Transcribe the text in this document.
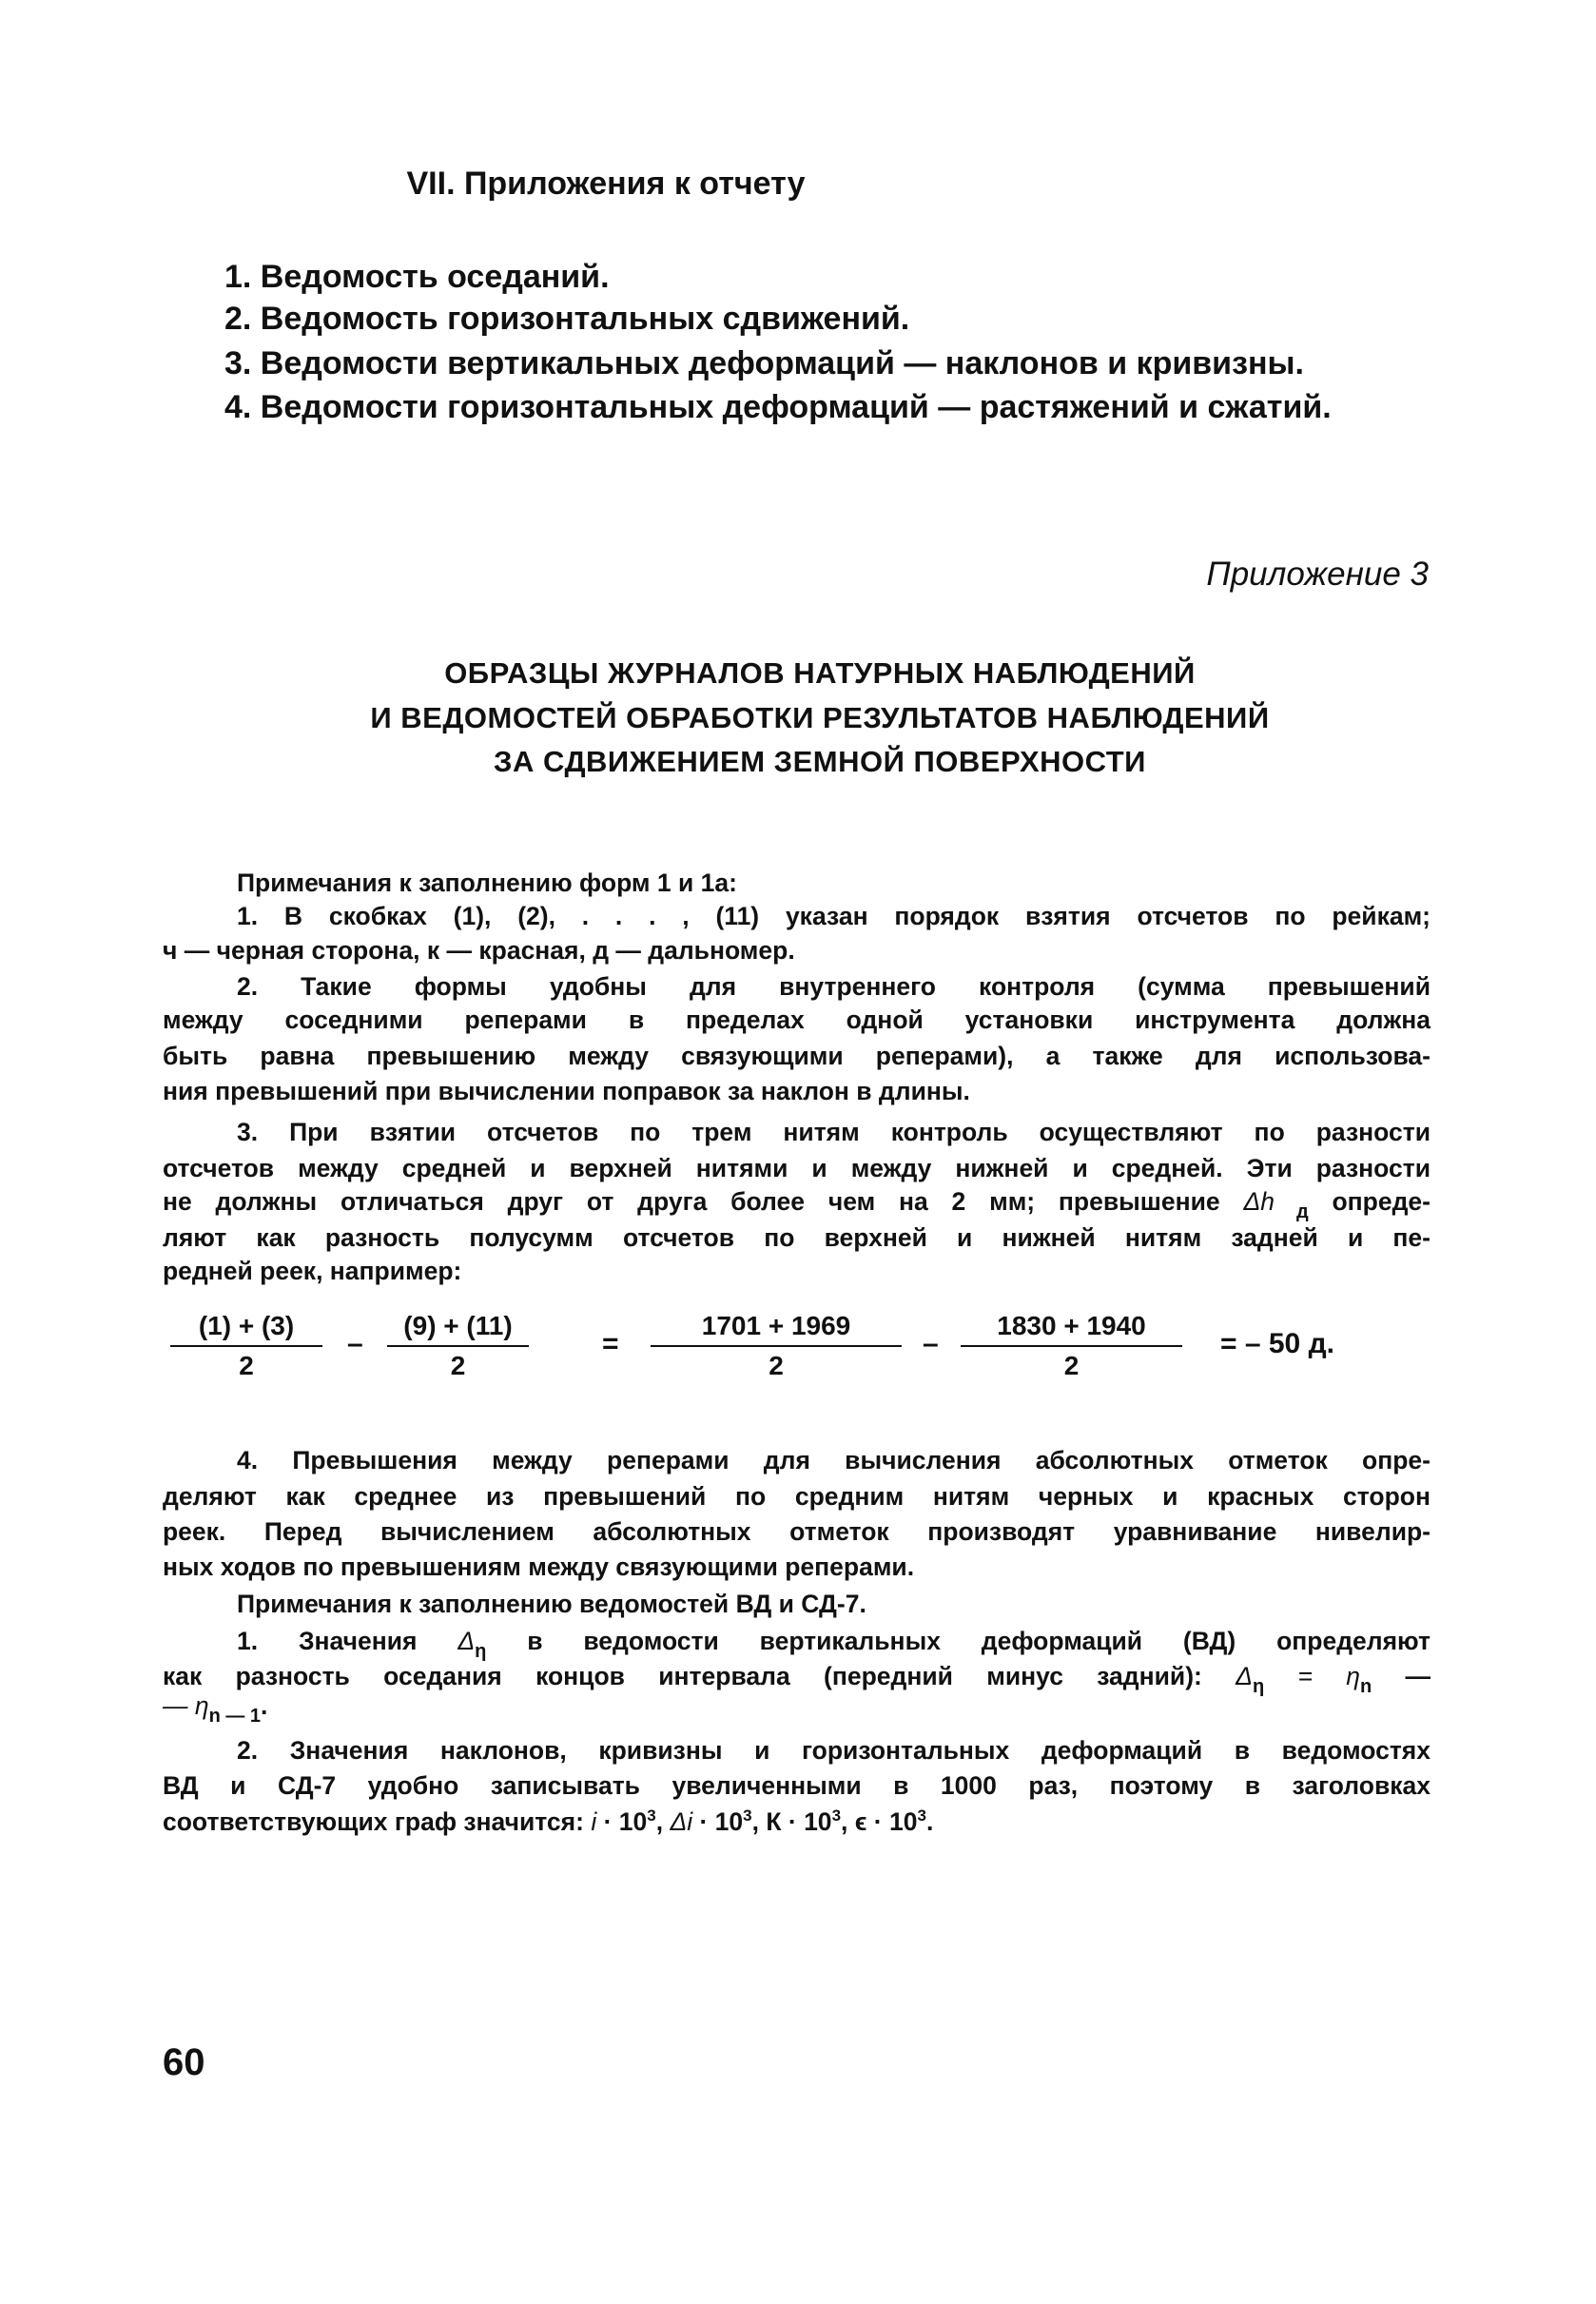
VII. Приложения к отчету
1. Ведомость оседаний.
2. Ведомость горизонтальных сдвижений.
3. Ведомости вертикальных деформаций — наклонов и кривизны.
4. Ведомости горизонтальных деформаций — растяжений и сжатий.
Приложение 3
ОБРАЗЦЫ ЖУРНАЛОВ НАТУРНЫХ НАБЛЮДЕНИЙ
И ВЕДОМОСТЕЙ ОБРАБОТКИ РЕЗУЛЬТАТОВ НАБЛЮДЕНИЙ
ЗА СДВИЖЕНИЕМ ЗЕМНОЙ ПОВЕРХНОСТИ
Примечания к заполнению форм 1 и 1а:
1. В скобках (1), (2), . . . , (11) указан порядок взятия отсчетов по рейкам;
ч — черная сторона, к — красная, д — дальномер.
2. Такие формы удобны для внутреннего контроля (сумма превышений
между соседними реперами в пределах одной установки инструмента должна
быть равна превышению между связующими реперами), а также для использова-
ния превышений при вычислении поправок за наклон в длины.
3. При взятии отсчетов по трем нитям контроль осуществляют по разности
отсчетов между средней и верхней нитями и между нижней и средней. Эти разности
не должны отличаться друг от друга более чем на 2 мм; превышение Δh $_д$ опреде-
ляют как разность полусумм отсчетов по верхней и нижней нитям задней и пе-
редней реек, например:
4. Превышения между реперами для вычисления абсолютных отметок опре-
деляют как среднее из превышений по средним нитям черных и красных сторон
реек. Перед вычислением абсолютных отметок производят уравнивание нивелир-
ных ходов по превышениям между связующими реперами.
Примечания к заполнению ведомостей ВД и СД-7.
1. Значения $\Delta_\eta$ в ведомости вертикальных деформаций (ВД) определяют
как разность оседания концов интервала (передний минус задний): $\Delta_\eta = \eta_n$ —
— $\eta_{n — 1}$.
2. Значения наклонов, кривизны и горизонтальных деформаций в ведомостях
ВД и СД-7 удобно записывать увеличенными в 1000 раз, поэтому в заголовках
соответствующих граф значится: $i \cdot 10^3$, $\Delta i \cdot 10^3$, $К \cdot 10^3$, $\epsilon \cdot 10^3$.
(1) + (3)
2
(9) + (11)
2
1701 + 1969
2
1830 + 1940
2
–	=	–	= – 50 д.
60
